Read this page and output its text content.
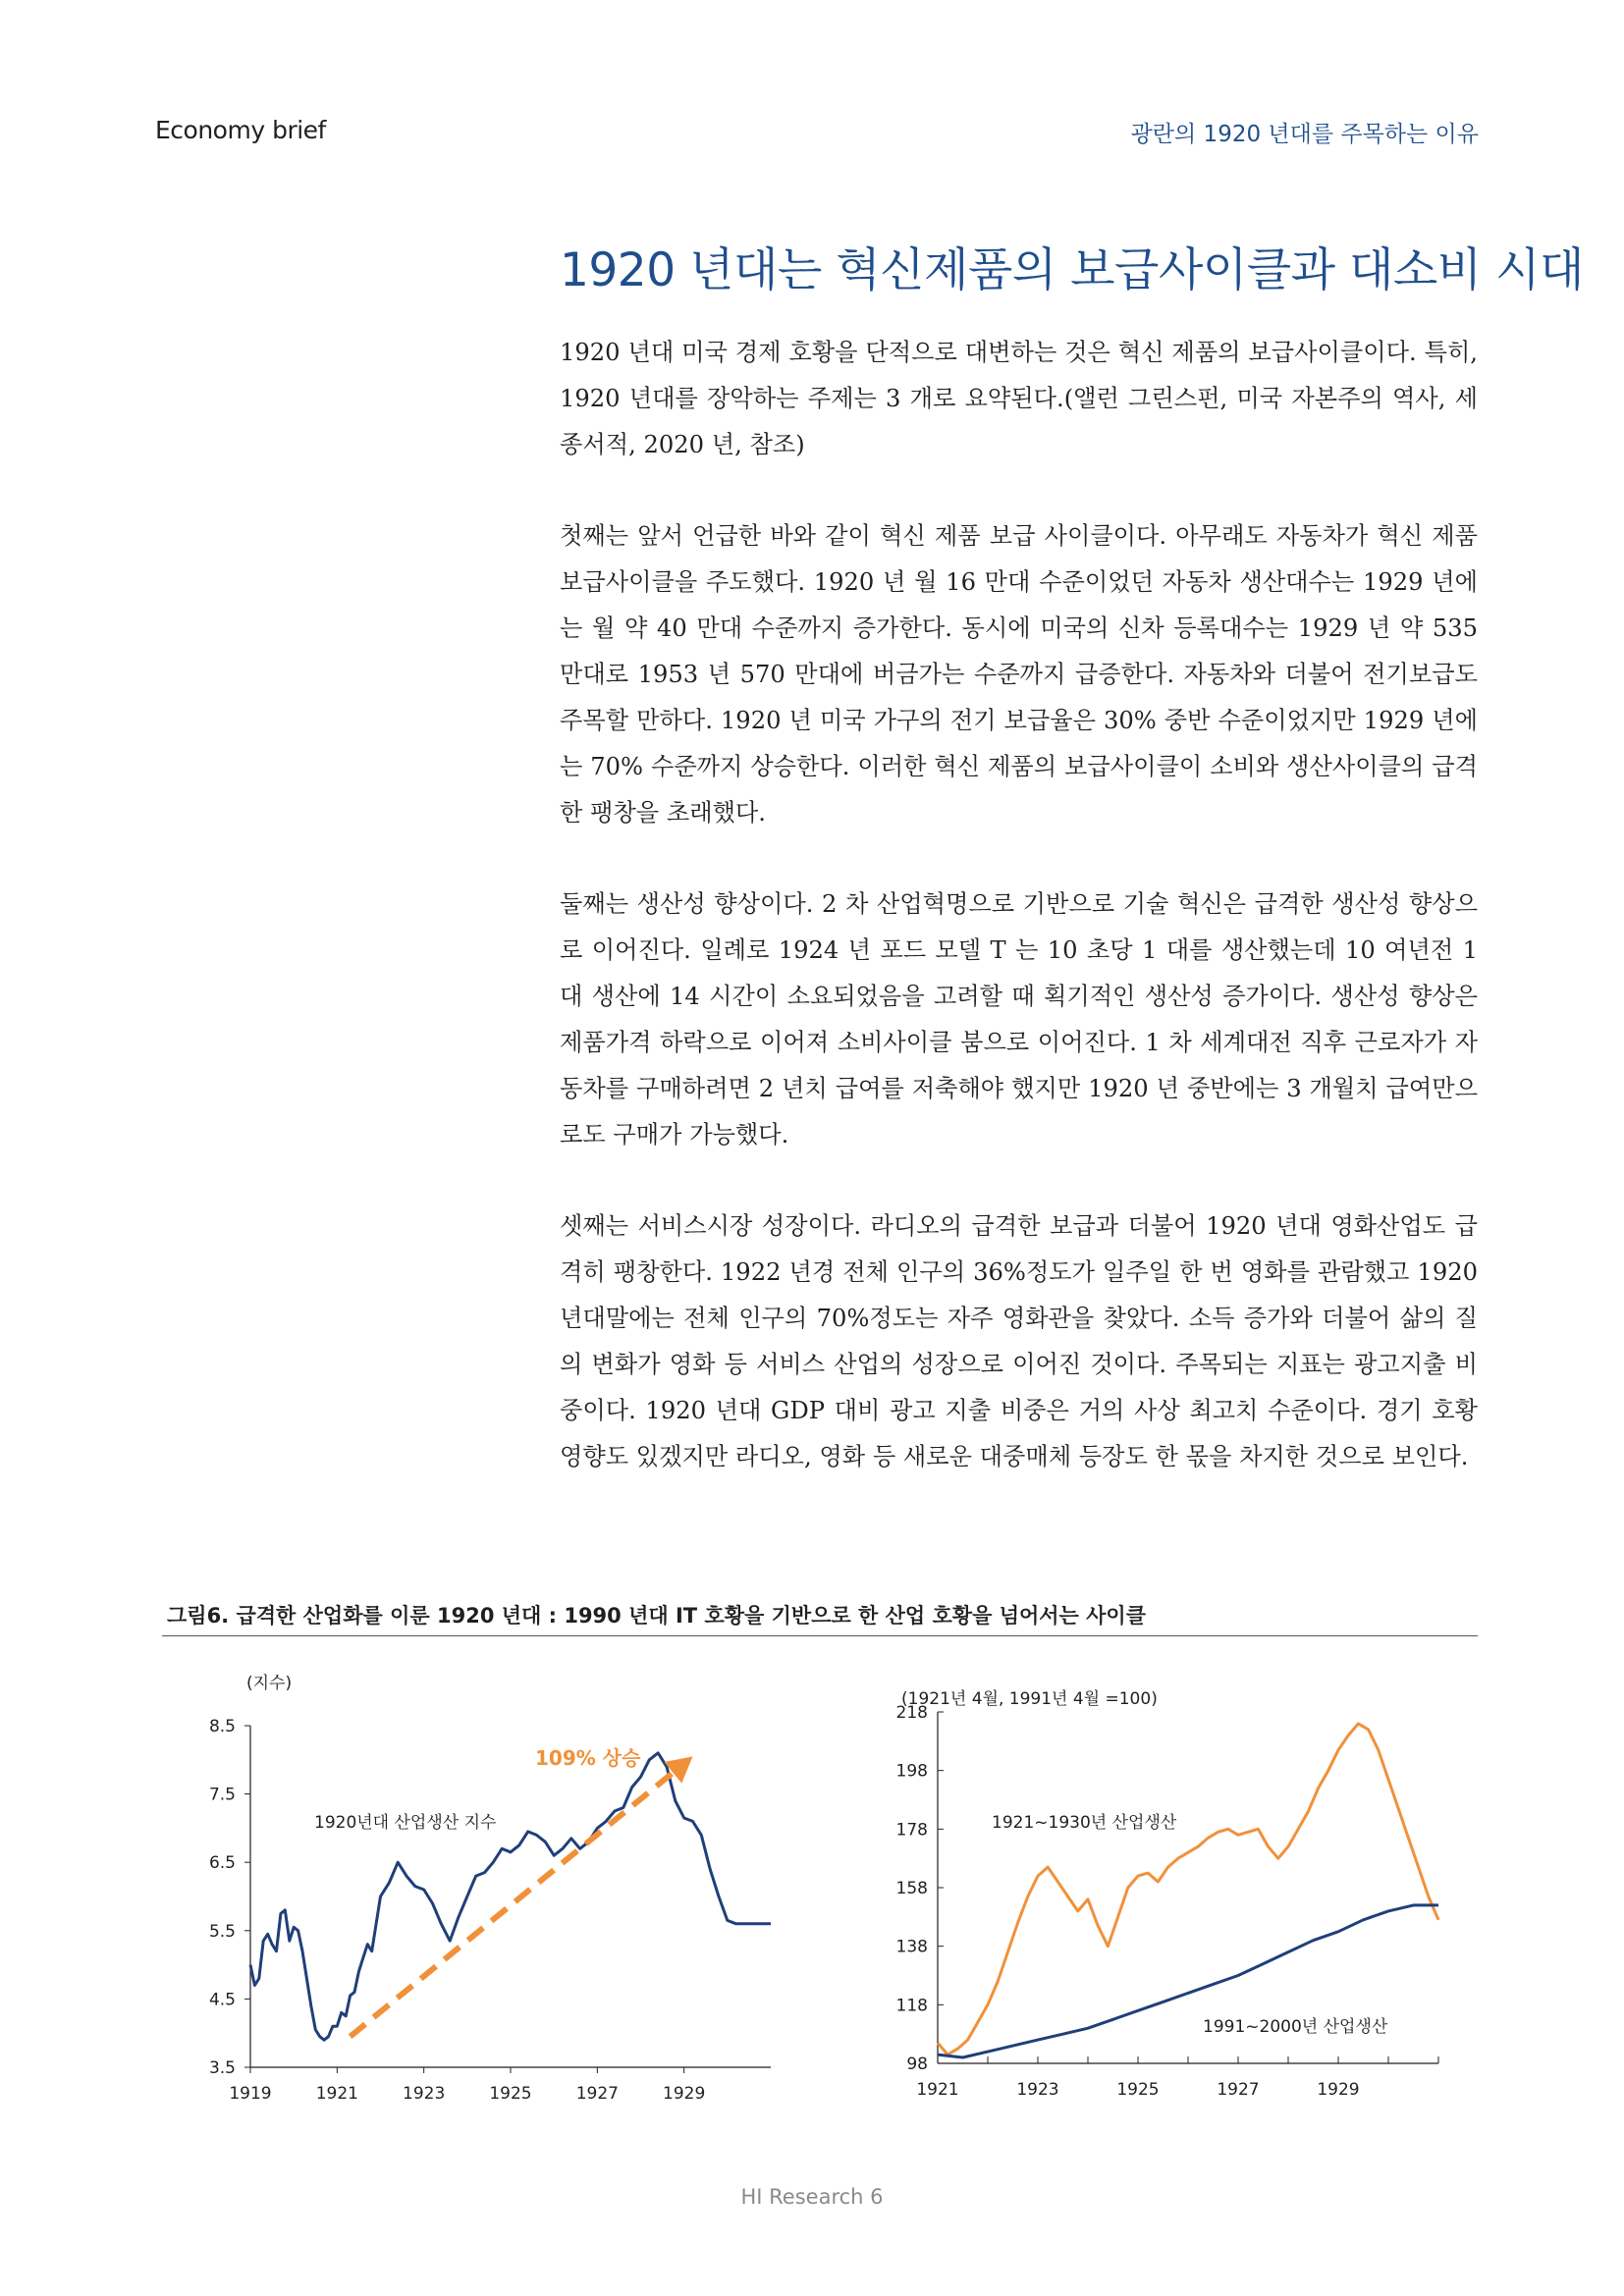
Economy brief	광란의 1920 년대를 주목하는 이유
1920 년대는 혁신제품의 보급사이클과 대소비 시대

1920 년대 미국 경제 호황을 단적으로 대변하는 것은 혁신 제품의 보급사이클이다. 특히, 1920 년대를 장악하는 주제는 3 개로 요약된다.(앨런 그린스펀, 미국 자본주의 역사, 세종서적, 2020 년, 참조)

첫째는 앞서 언급한 바와 같이 혁신 제품 보급 사이클이다. 아무래도 자동차가 혁신 제품 보급사이클을 주도했다. 1920 년 월 16 만대 수준이었던 자동차 생산대수는 1929 년에는 월 약 40 만대 수준까지 증가한다. 동시에 미국의 신차 등록대수는 1929 년 약 535 만대로 1953 년 570 만대에 버금가는 수준까지 급증한다. 자동차와 더불어 전기보급도 주목할 만하다. 1920 년 미국 가구의 전기 보급율은 30% 중반 수준이었지만 1929 년에는 70% 수준까지 상승한다. 이러한 혁신 제품의 보급사이클이 소비와 생산사이클의 급격한 팽창을 초래했다.

둘째는 생산성 향상이다. 2 차 산업혁명으로 기반으로 기술 혁신은 급격한 생산성 향상으로 이어진다. 일례로 1924 년 포드 모델 T 는 10 초당 1 대를 생산했는데 10 여년전 1 대 생산에 14 시간이 소요되었음을 고려할 때 획기적인 생산성 증가이다. 생산성 향상은 제품가격 하락으로 이어져 소비사이클 붐으로 이어진다. 1 차 세계대전 직후 근로자가 자동차를 구매하려면 2 년치 급여를 저축해야 했지만 1920 년 중반에는 3 개월치 급여만으로도 구매가 가능했다.

셋째는 서비스시장 성장이다. 라디오의 급격한 보급과 더불어 1920 년대 영화산업도 급격히 팽창한다. 1922 년경 전체 인구의 36%정도가 일주일 한 번 영화를 관람했고 1920 년대말에는 전체 인구의 70%정도는 자주 영화관을 찾았다. 소득 증가와 더불어 삶의 질의 변화가 영화 등 서비스 산업의 성장으로 이어진 것이다. 주목되는 지표는 광고지출 비중이다. 1920 년대 GDP 대비 광고 지출 비중은 거의 사상 최고치 수준이다. 경기 호황 영향도 있겠지만 라디오, 영화 등 새로운 대중매체 등장도 한 몫을 차지한 것으로 보인다.

그림6. 급격한 산업화를 이룬 1920 년대 : 1990 년대 IT 호황을 기반으로 한 산업 호황을 넘어서는 사이클
8.5
7.5
6.5
5.5
4.5
3.5
1919	1921	1923	1925	1927	1929
(지수)
109% 상승
1920년대 산업생산 지수
218
198
178
158
138
118
98
1921	1923	1925	1927	1929
(1921년 4월, 1991년 4월 =100)
1921~1930년 산업생산
1991~2000년 산업생산
HI Research 6
